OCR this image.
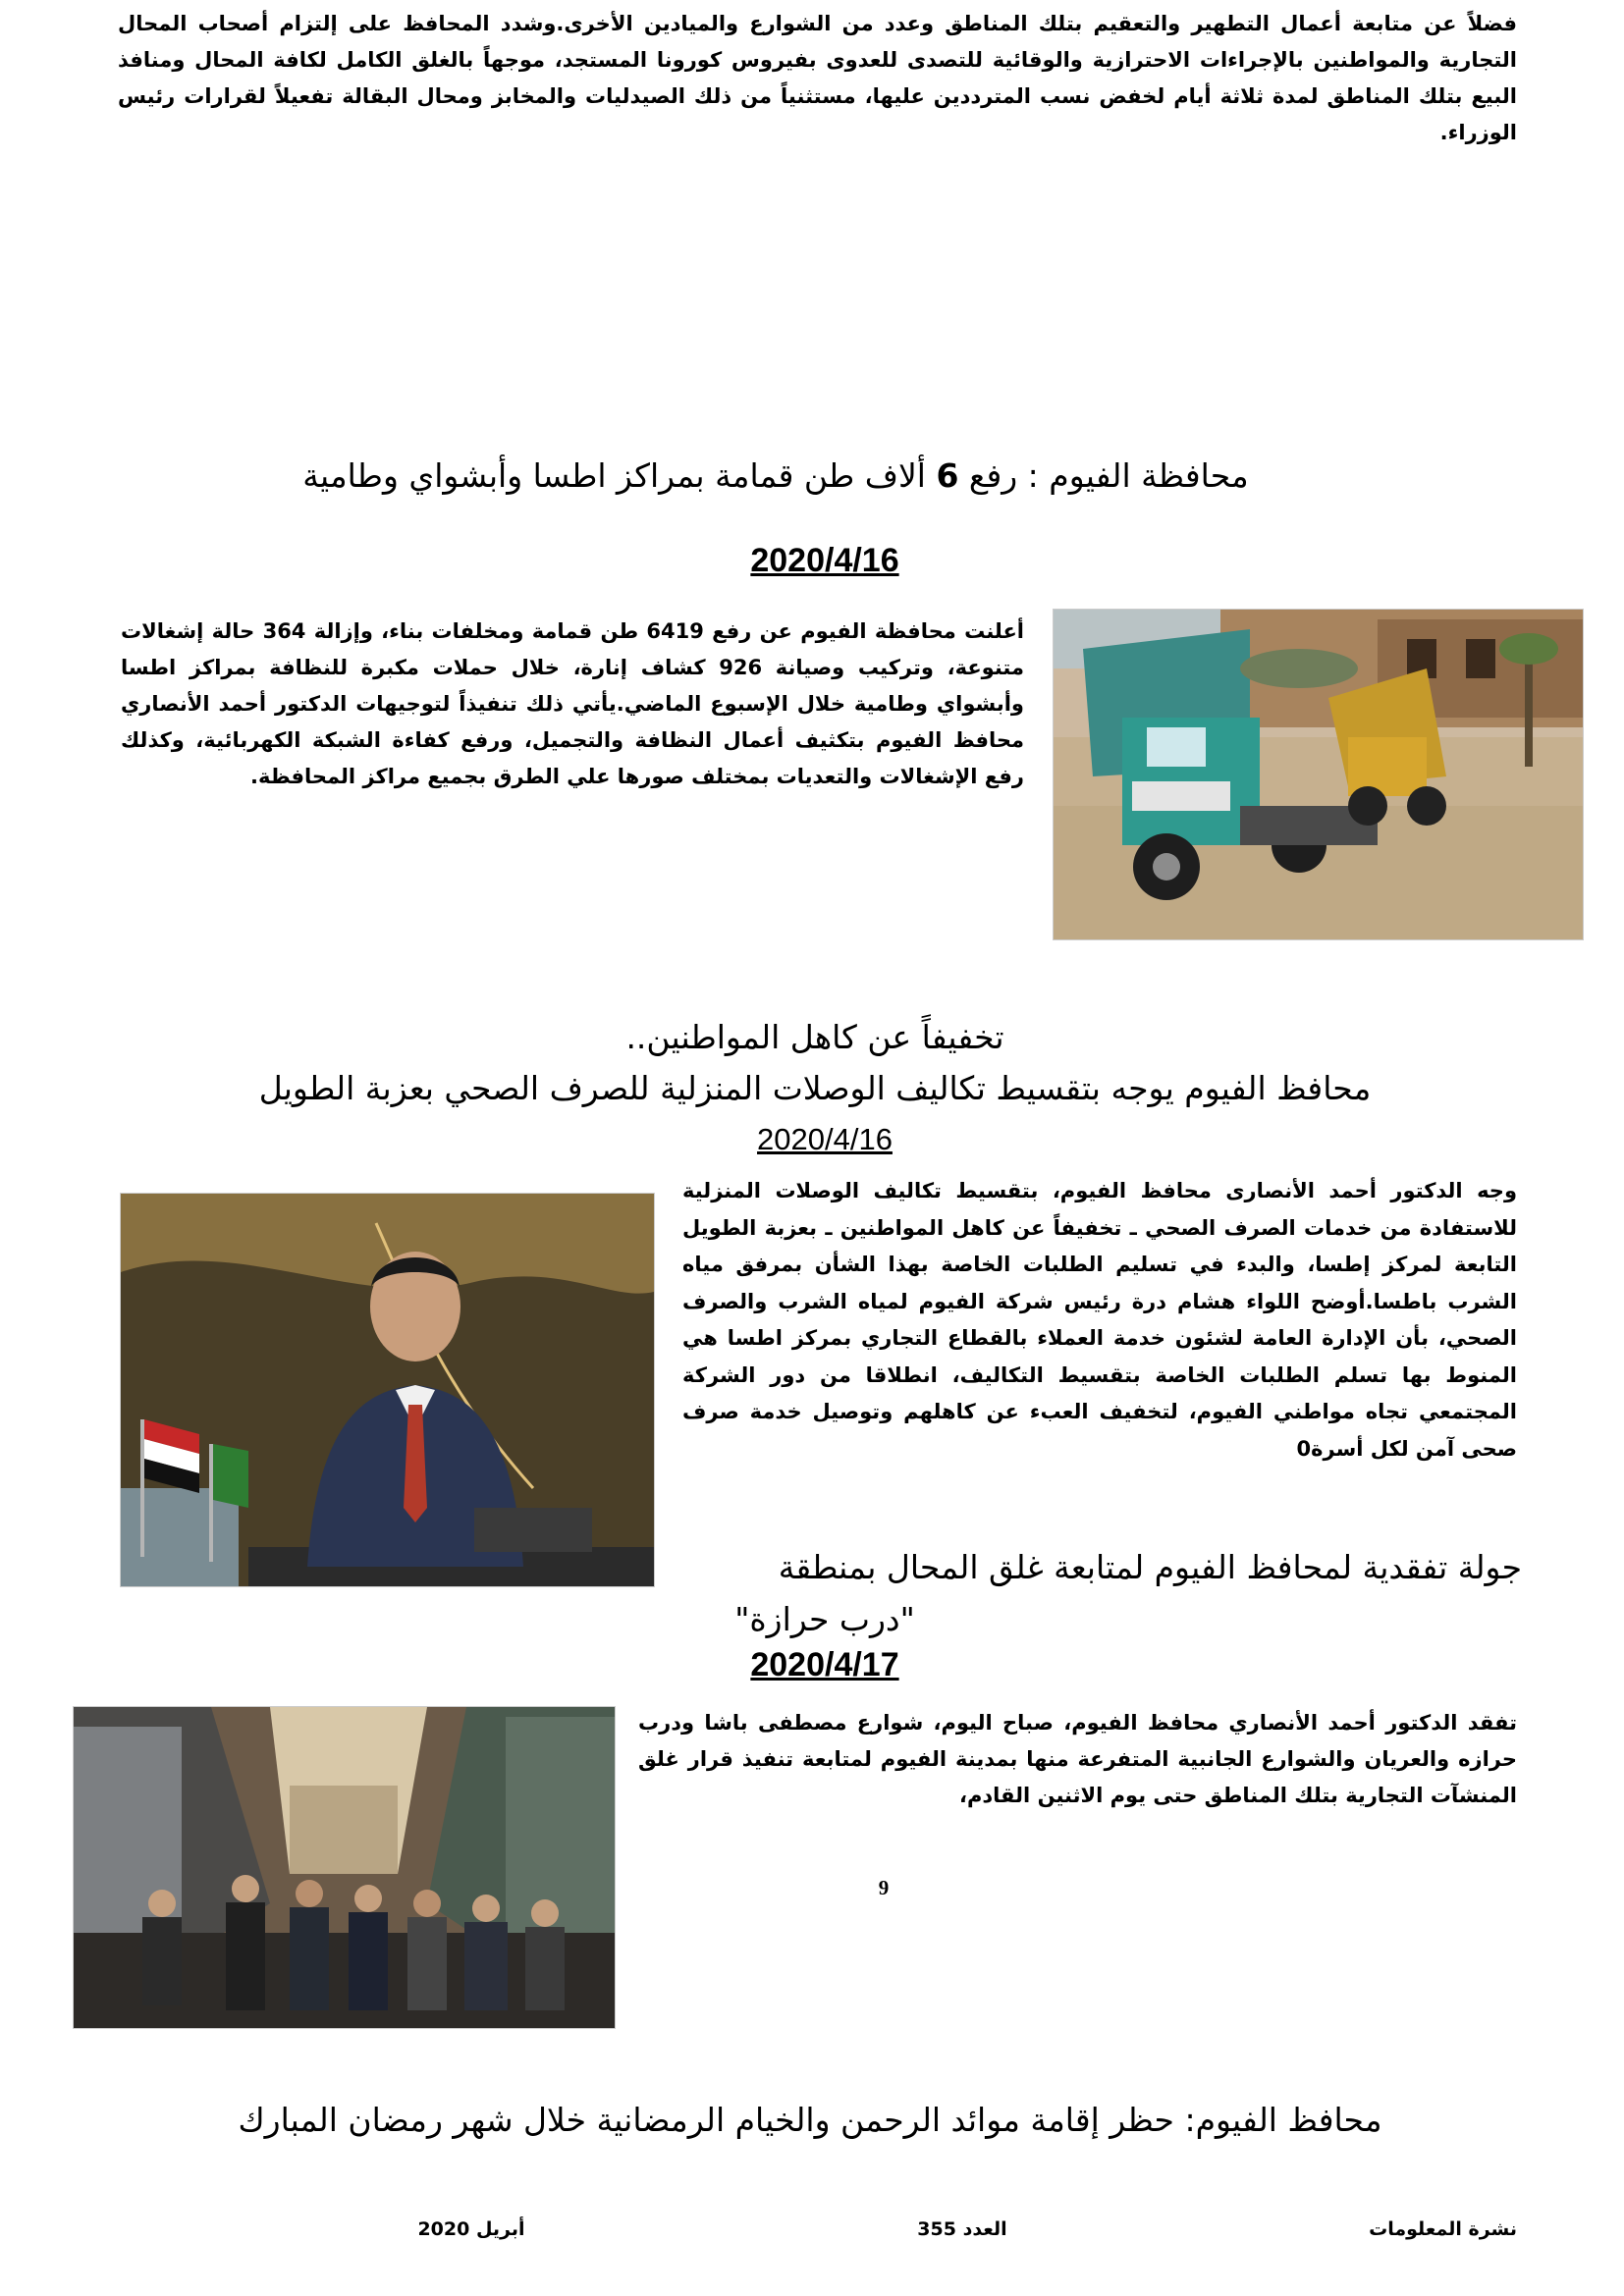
فضلاً عن متابعة أعمال التطهير والتعقيم بتلك المناطق وعدد من الشوارع والميادين الأخرى.وشدد المحافظ على إلتزام أصحاب المحال التجارية والمواطنين بالإجراءات الاحترازية والوقائية للتصدى للعدوى بفيروس كورونا المستجد، موجهاً بالغلق الكامل لكافة المحال ومنافذ البيع بتلك المناطق لمدة ثلاثة أيام لخفض نسب المترددين عليها، مستثنياً من ذلك الصيدليات والمخابز ومحال البقالة تفعيلاً لقرارات رئيس الوزراء.
محافظة الفيوم : رفع 6 ألاف طن قمامة بمراكز اطسا وأبشواي وطامية
2020/4/16
أعلنت محافظة الفيوم عن رفع 6419 طن قمامة ومخلفات بناء، وإزالة 364 حالة إشغالات متنوعة، وتركيب وصيانة 926 كشاف إنارة، خلال حملات مكبرة للنظافة بمراكز اطسا وأبشواي وطامية خلال الإسبوع الماضي.يأتي ذلك تنفيذاً لتوجيهات الدكتور أحمد الأنصاري محافظ الفيوم بتكثيف أعمال النظافة والتجميل، ورفع كفاءة الشبكة الكهربائية، وكذلك رفع الإشغالات والتعديات بمختلف صورها علي الطرق بجميع مراكز المحافظة.
تخفيفاً عن كاهل المواطنين..
محافظ الفيوم يوجه بتقسيط تكاليف الوصلات المنزلية للصرف الصحي بعزبة الطويل
2020/4/16
وجه الدكتور أحمد الأنصارى محافظ الفيوم، بتقسيط تكاليف الوصلات المنزلية للاستفادة من خدمات الصرف الصحي ـ تخفيفاً عن كاهل المواطنين ـ بعزبة الطويل التابعة لمركز إطسا، والبدء في تسليم الطلبات الخاصة بهذا الشأن بمرفق مياه الشرب باطسا.أوضح اللواء هشام درة رئيس شركة الفيوم لمياه الشرب والصرف الصحي، بأن الإدارة العامة لشئون خدمة العملاء بالقطاع التجاري بمركز اطسا هي المنوط بها تسلم الطلبات الخاصة بتقسيط التكاليف، انطلاقا من دور الشركة المجتمعي تجاه مواطني الفيوم، لتخفيف العبء عن كاهلهم وتوصيل خدمة صرف صحى آمن لكل أسرة0
جولة تفقدية لمحافظ الفيوم لمتابعة غلق المحال بمنطقة
"درب حرازة"
2020/4/17
تفقد الدكتور أحمد الأنصاري محافظ الفيوم، صباح اليوم، شوارع مصطفى باشا ودرب حرازه والعريان والشوارع الجانبية المتفرعة منها بمدينة الفيوم لمتابعة تنفيذ قرار غلق المنشآت التجارية بتلك المناطق حتى يوم الاثنين القادم،
9
محافظ الفيوم: حظر إقامة موائد الرحمن والخيام الرمضانية خلال شهر رمضان المبارك
نشرة المعلومات
العدد 355
أبريل 2020
